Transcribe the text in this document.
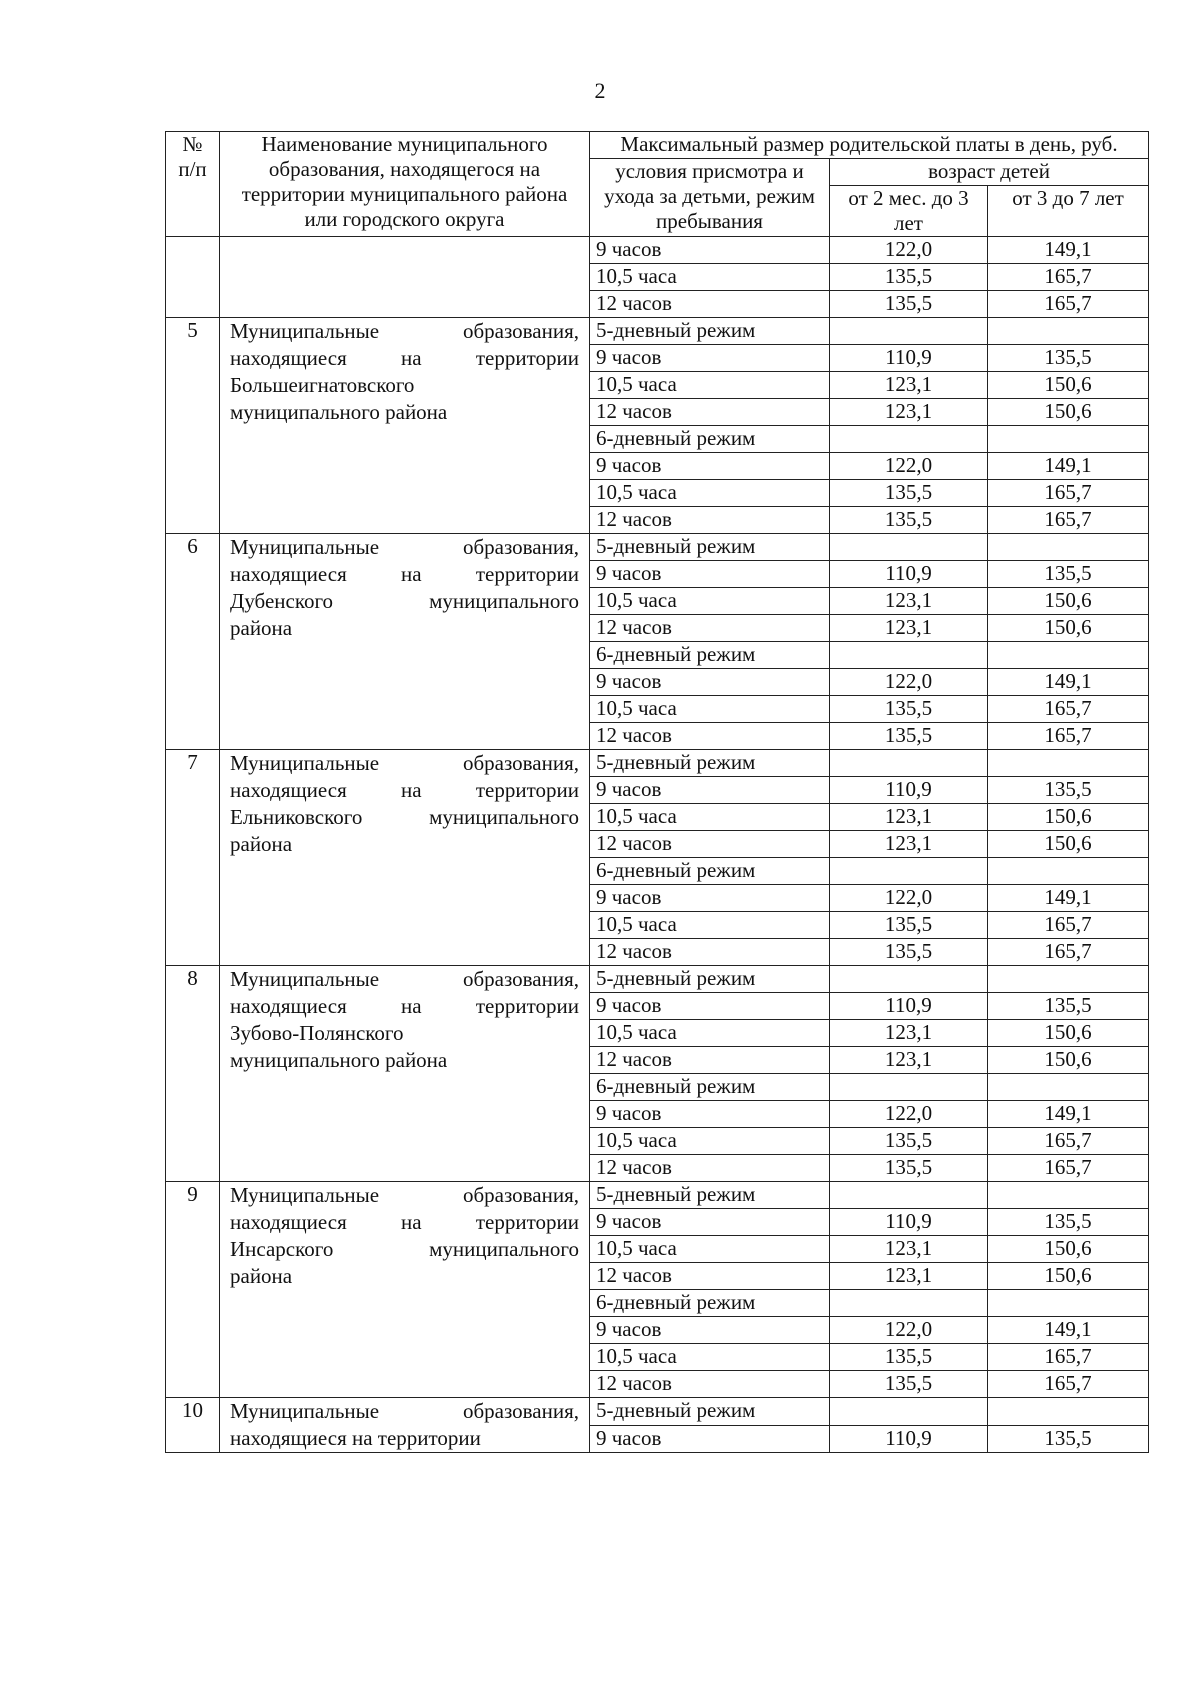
2
№ п/п	Наименование муниципального образования, находящегося на территории муниципального района или городского округа	Максимальный размер родительской платы в день, руб.		
		условия присмотра и ухода за детьми, режим пребывания	возраст детей	
			от 2 мес. до 3 лет	от 3 до 7 лет
		9 часов	122,0	149,1
		10,5 часа	135,5	165,7
		12 часов	135,5	165,7
5	Муниципальные образования,
находящиеся на территории
Большеигнатовского
муниципального района	5-дневный режим		
		9 часов	110,9	135,5
		10,5 часа	123,1	150,6
		12 часов	123,1	150,6
		6-дневный режим		
		9 часов	122,0	149,1
		10,5 часа	135,5	165,7
		12 часов	135,5	165,7
6	Муниципальные образования,
находящиеся на территории
Дубенского муниципального
района	5-дневный режим		
		9 часов	110,9	135,5
		10,5 часа	123,1	150,6
		12 часов	123,1	150,6
		6-дневный режим		
		9 часов	122,0	149,1
		10,5 часа	135,5	165,7
		12 часов	135,5	165,7
7	Муниципальные образования,
находящиеся на территории
Ельниковского муниципального
района	5-дневный режим		
		9 часов	110,9	135,5
		10,5 часа	123,1	150,6
		12 часов	123,1	150,6
		6-дневный режим		
		9 часов	122,0	149,1
		10,5 часа	135,5	165,7
		12 часов	135,5	165,7
8	Муниципальные образования,
находящиеся на территории
Зубово-Полянского
муниципального района	5-дневный режим		
		9 часов	110,9	135,5
		10,5 часа	123,1	150,6
		12 часов	123,1	150,6
		6-дневный режим		
		9 часов	122,0	149,1
		10,5 часа	135,5	165,7
		12 часов	135,5	165,7
9	Муниципальные образования,
находящиеся на территории
Инсарского муниципального
района	5-дневный режим		
		9 часов	110,9	135,5
		10,5 часа	123,1	150,6
		12 часов	123,1	150,6
		6-дневный режим		
		9 часов	122,0	149,1
		10,5 часа	135,5	165,7
		12 часов	135,5	165,7
10	Муниципальные образования,
находящиеся на территории	5-дневный режим		
		9 часов	110,9	135,5
